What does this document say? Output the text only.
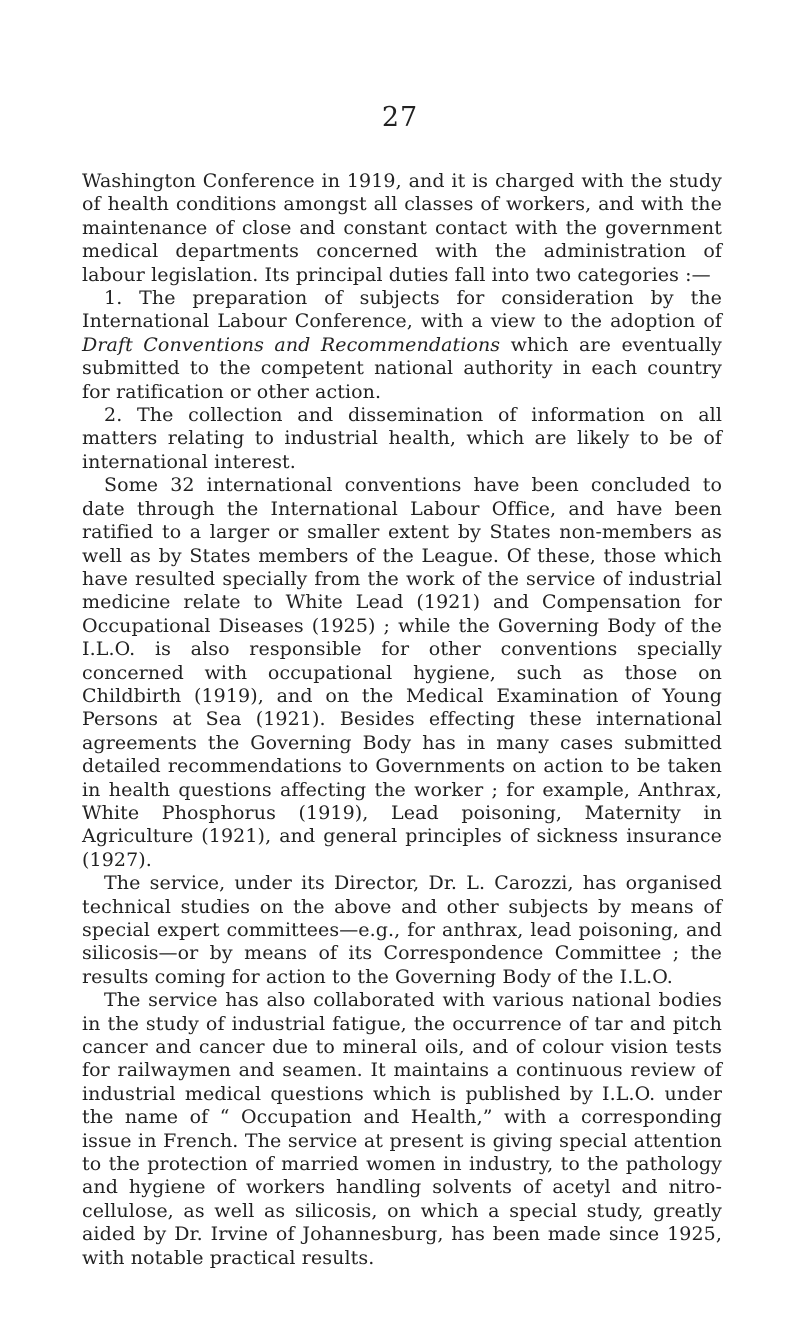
27

Washington Conference in 1919, and it is charged with the study of health conditions amongst all classes of workers, and with the maintenance of close and constant contact with the government medical departments concerned with the administration of labour legislation. Its principal duties fall into two categories :—

1. The preparation of subjects for consideration by the International Labour Conference, with a view to the adoption of Draft Conventions and Recommendations which are eventually submitted to the competent national authority in each country for ratification or other action.

2. The collection and dissemination of information on all matters relating to industrial health, which are likely to be of international interest.

Some 32 international conventions have been concluded to date through the International Labour Office, and have been ratified to a larger or smaller extent by States non-members as well as by States members of the League. Of these, those which have resulted specially from the work of the service of industrial medicine relate to White Lead (1921) and Compensation for Occupational Diseases (1925) ; while the Governing Body of the I.L.O. is also responsible for other conventions specially concerned with occupational hygiene, such as those on Childbirth (1919), and on the Medical Examination of Young Persons at Sea (1921). Besides effecting these international agreements the Governing Body has in many cases submitted detailed recommendations to Governments on action to be taken in health questions affecting the worker ; for example, Anthrax, White Phosphorus (1919), Lead poisoning, Maternity in Agriculture (1921), and general principles of sickness insurance (1927).

The service, under its Director, Dr. L. Carozzi, has organised technical studies on the above and other subjects by means of special expert committees—e.g., for anthrax, lead poisoning, and silicosis—or by means of its Correspondence Committee ; the results coming for action to the Governing Body of the I.L.O.

The service has also collaborated with various national bodies in the study of industrial fatigue, the occurrence of tar and pitch cancer and cancer due to mineral oils, and of colour vision tests for railwaymen and seamen. It maintains a continuous review of industrial medical questions which is published by I.L.O. under the name of “ Occupation and Health,” with a corresponding issue in French. The service at present is giving special attention to the protection of married women in industry, to the pathology and hygiene of workers handling solvents of acetyl and nitro-cellulose, as well as silicosis, on which a special study, greatly aided by Dr. Irvine of Johannesburg, has been made since 1925, with notable practical results.
